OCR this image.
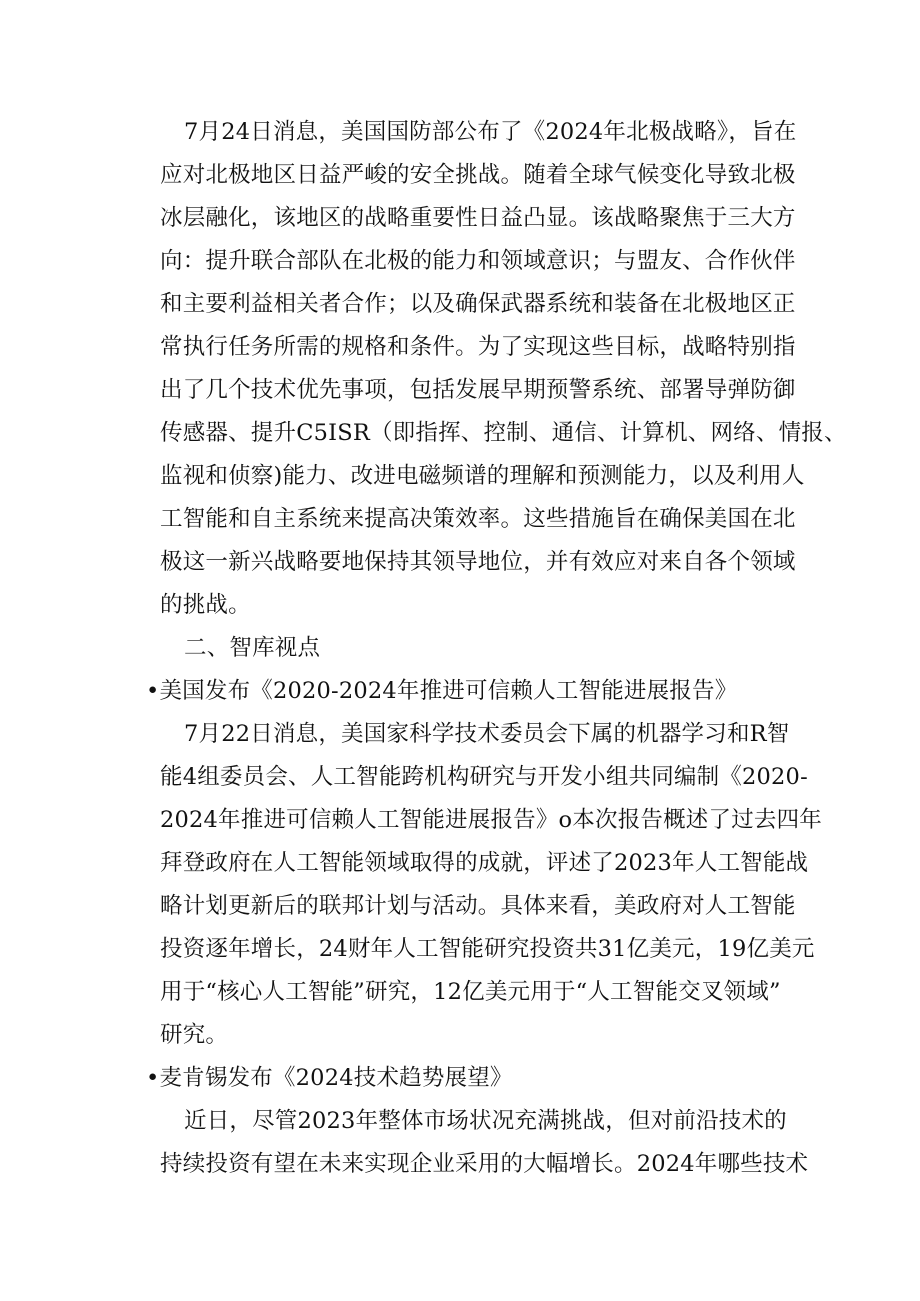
7月24日消息，美国国防部公布了《2024年北极战略》，旨在
应对北极地区日益严峻的安全挑战。随着全球气候变化导致北极
冰层融化，该地区的战略重要性日益凸显。该战略聚焦于三大方
向：提升联合部队在北极的能力和领域意识；与盟友、合作伙伴
和主要利益相关者合作；以及确保武器系统和装备在北极地区正
常执行任务所需的规格和条件。为了实现这些目标，战略特别指
出了几个技术优先事项，包括发展早期预警系统、部署导弹防御
传感器、提升C5ISR（即指挥、控制、通信、计算机、网络、情报、
监视和侦察)能力、改进电磁频谱的理解和预测能力，以及利用人
工智能和自主系统来提高决策效率。这些措施旨在确保美国在北
极这一新兴战略要地保持其领导地位，并有效应对来自各个领域
的挑战。
二、智库视点
•美国发布《2020-2024年推进可信赖人工智能进展报告》
7月22日消息，美国家科学技术委员会下属的机器学习和R智
能4组委员会、人工智能跨机构研究与开发小组共同编制《2020-
2024年推进可信赖人工智能进展报告》o本次报告概述了过去四年
拜登政府在人工智能领域取得的成就，评述了2023年人工智能战
略计划更新后的联邦计划与活动。具体来看，美政府对人工智能
投资逐年增长，24财年人工智能研究投资共31亿美元，19亿美元
用于“核心人工智能”研究，12亿美元用于“人工智能交叉领域”
研究。
•麦肯锡发布《2024技术趋势展望》
近日，尽管2023年整体市场状况充满挑战，但对前沿技术的
持续投资有望在未来实现企业采用的大幅增长。2024年哪些技术
